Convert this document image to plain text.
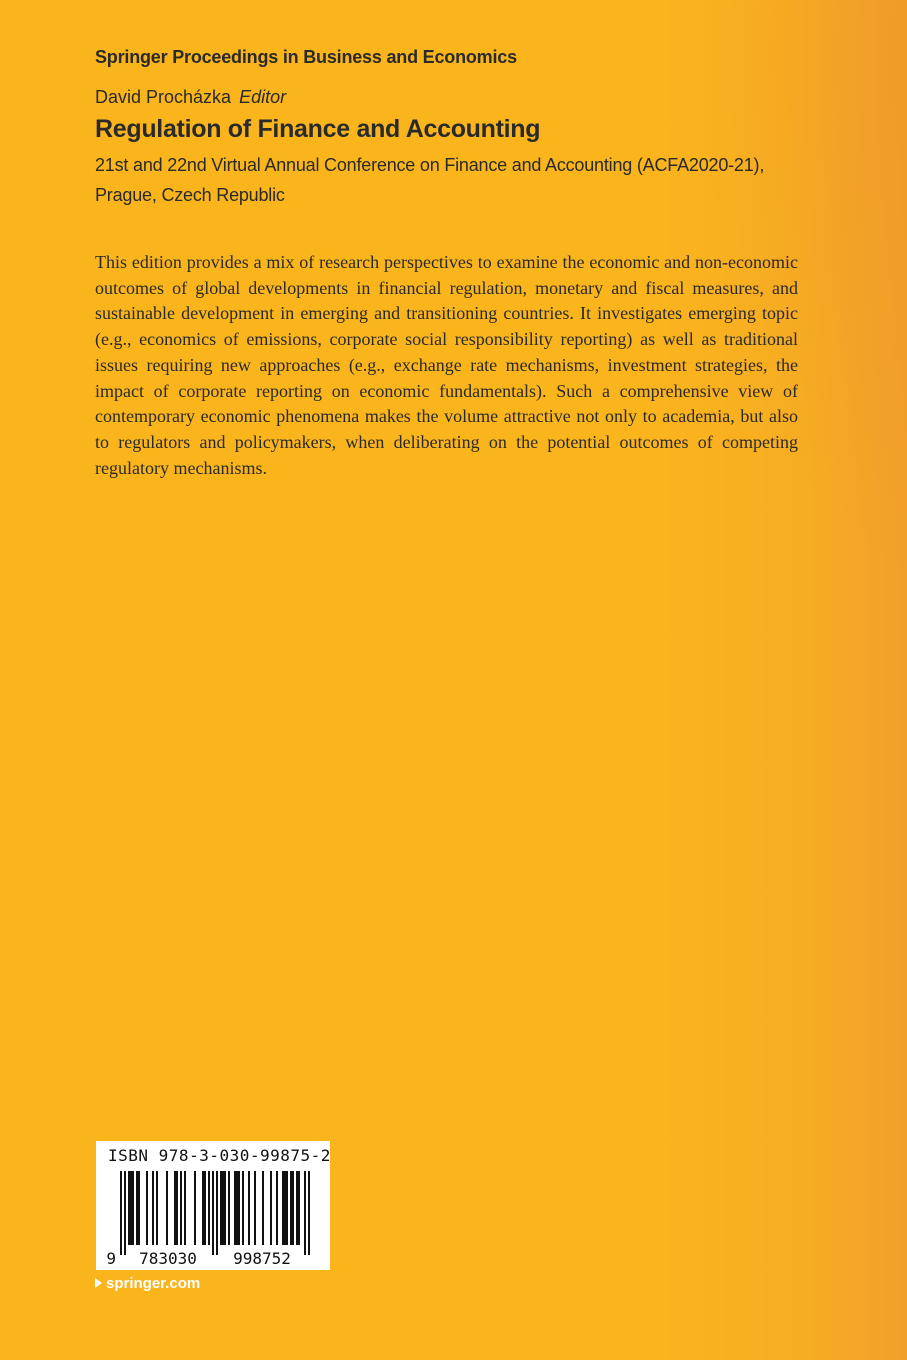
Springer Proceedings in Business and Economics
David Procházka Editor
Regulation of Finance and Accounting
21st and 22nd Virtual Annual Conference on Finance and Accounting (ACFA2020-21), Prague, Czech Republic
This edition provides a mix of research perspectives to examine the economic and non-economic outcomes of global developments in financial regulation, monetary and fiscal measures, and sustainable development in emerging and transitioning countries. It investigates emerging topic (e.g., economics of emissions, corporate social responsibility reporting) as well as traditional issues requiring new approaches (e.g., exchange rate mechanisms, investment strategies, the impact of corporate reporting on economic fundamentals). Such a comprehensive view of contemporary economic phenomena makes the volume attractive not only to academia, but also to regulators and policymakers, when deliberating on the potential outcomes of competing regulatory mechanisms.
ISBN 978-3-030-99875-2
9 783030 998752
springer.com
